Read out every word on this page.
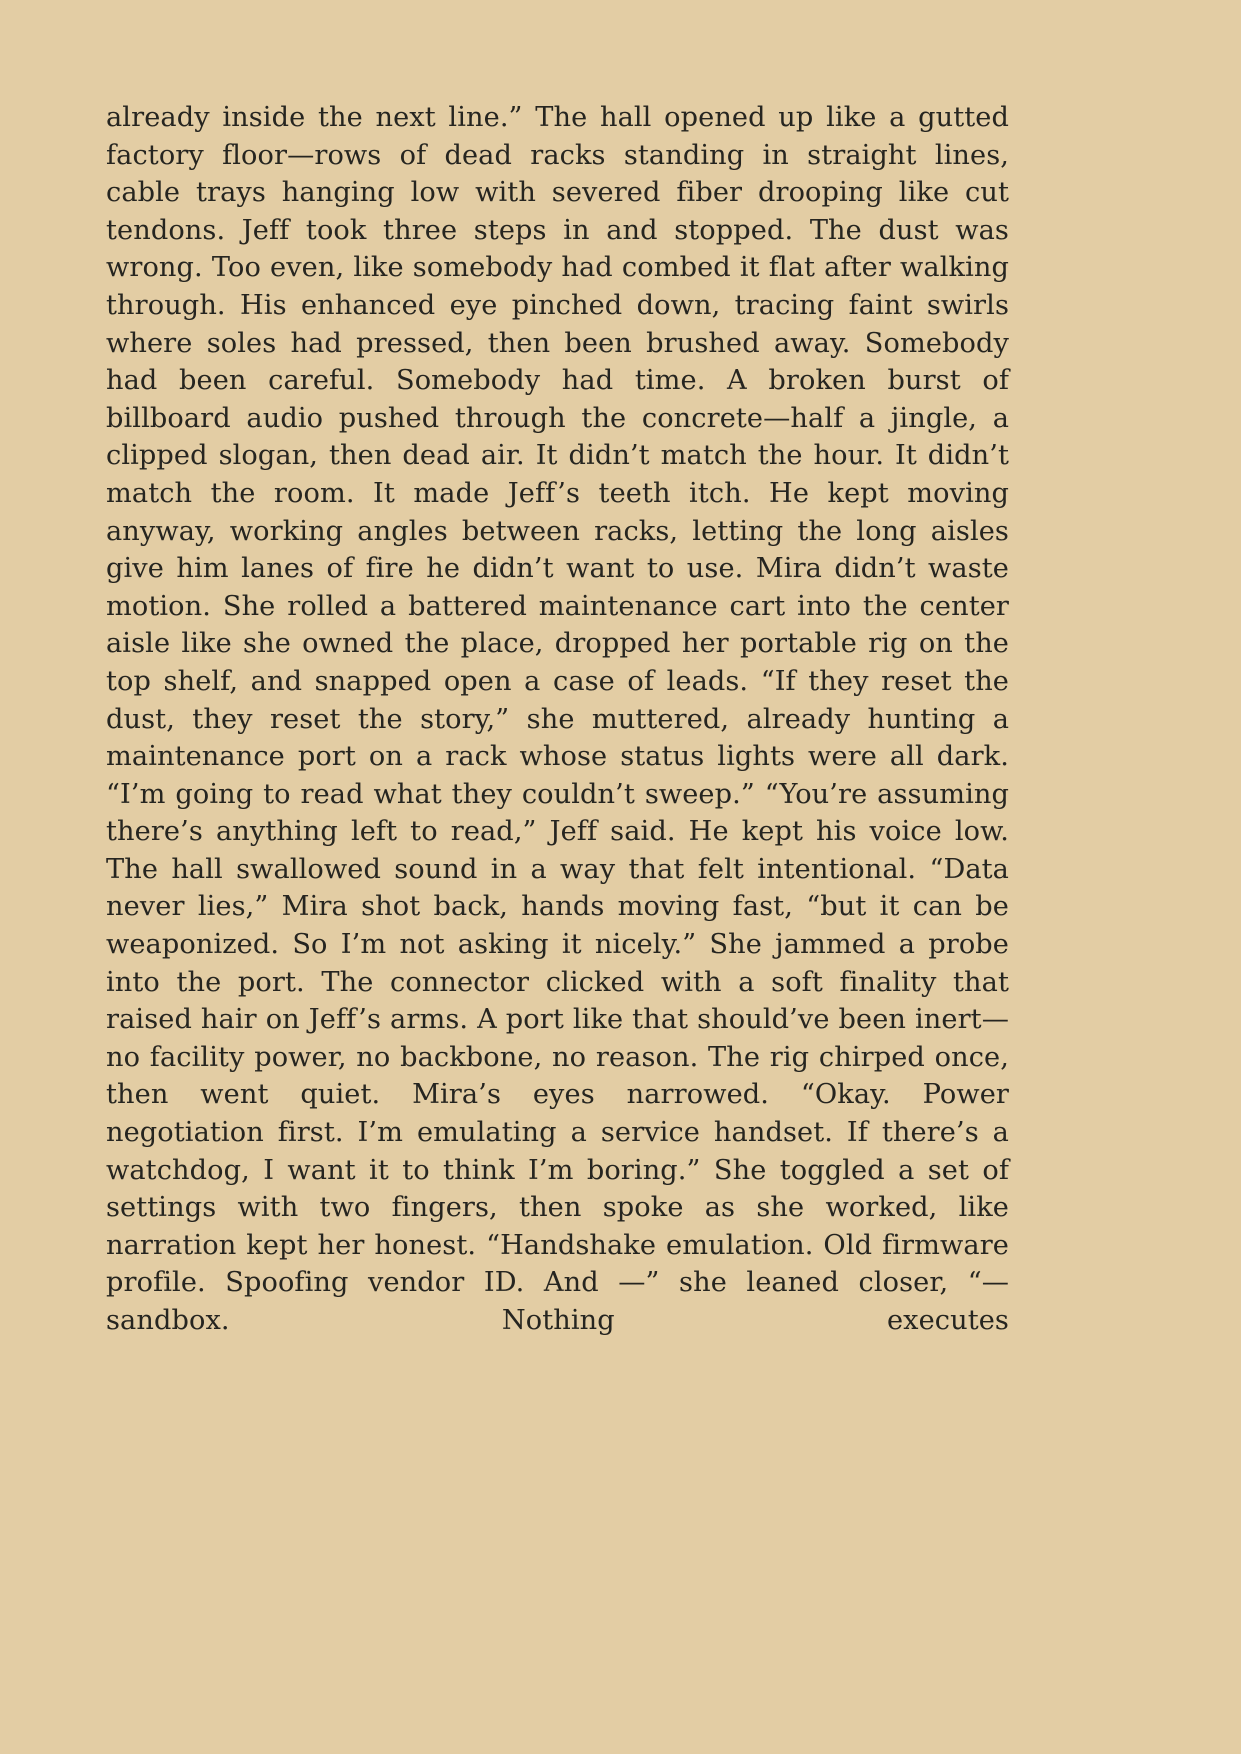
already inside the next line.” The hall opened up like a gutted factory floor—rows of dead racks standing in straight lines, cable trays hanging low with severed fiber drooping like cut tendons. Jeff took three steps in and stopped. The dust was wrong. Too even, like somebody had combed it flat after walking through. His enhanced eye pinched down, tracing faint swirls where soles had pressed, then been brushed away. Somebody had been careful. Somebody had time. A broken burst of billboard audio pushed through the concrete—half a jingle, a clipped slogan, then dead air. It didn’t match the hour. It didn’t match the room. It made Jeff’s teeth itch. He kept moving anyway, working angles between racks, letting the long aisles give him lanes of fire he didn’t want to use. Mira didn’t waste motion. She rolled a battered maintenance cart into the center aisle like she owned the place, dropped her portable rig on the top shelf, and snapped open a case of leads. “If they reset the dust, they reset the story,” she muttered, already hunting a maintenance port on a rack whose status lights were all dark. “I’m going to read what they couldn’t sweep.” “You’re assuming there’s anything left to read,” Jeff said. He kept his voice low. The hall swallowed sound in a way that felt intentional. “Data never lies,” Mira shot back, hands moving fast, “but it can be weaponized. So I’m not asking it nicely.” She jammed a probe into the port. The connector clicked with a soft finality that raised hair on Jeff’s arms. A port like that should’ve been inert—no facility power, no backbone, no reason. The rig chirped once, then went quiet. Mira’s eyes narrowed. “Okay. Power negotiation first. I’m emulating a service handset. If there’s a watchdog, I want it to think I’m boring.” She toggled a set of settings with two fingers, then spoke as she worked, like narration kept her honest. “Handshake emulation. Old firmware profile. Spoofing vendor ID. And —” she leaned closer, “—sandbox. Nothing executes
